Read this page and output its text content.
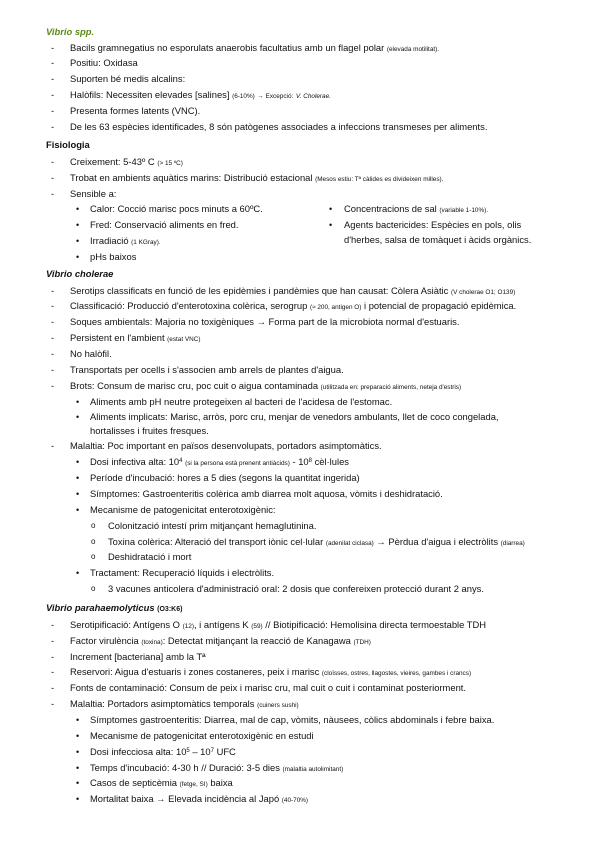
Vibrio spp.
- Bacils gramnegatius no esporulats anaerobis facultatius amb un flagel polar (elevada motilitat).
- Positiu: Oxidasa
- Suporten bé medis alcalins:
- Halòfils: Necessiten elevades [salines] (6-10%) → Excepció: V. Cholerae.
- Presenta formes latents (VNC).
- De les 63 espècies identificades, 8 són patògenes associades a infeccions transmeses per aliments.
Fisiologia
- Creixement: 5-43º C (> 15 ºC)
- Trobat en ambients aquàtics marins: Distribució estacional (Mesos estiu: Tª càlides es divideixen milles).
- Sensible a:
• Calor: Cocció marisc pocs minuts a 60ºC.
• Fred: Conservació aliments en fred.
• Irradiació (1 KGray).
• pHs baixos
• Concentracions de sal (variable 1-10%).
• Agents bactericides: Espècies en pols, olis
d'herbes, salsa de tomàquet i àcids orgànics.
Vibrio cholerae
- Serotips classificats en funció de les epidèmies i pandèmies que han causat: Còlera Asiàtic (V cholerae O1; O139)
- Classificació: Producció d'enterotoxina colèrica, serogrup (≈ 200, antigen O) i potencial de propagació epidèmica.
- Soques ambientals: Majoria no toxigèniques → Forma part de la microbiota normal d'estuaris.
- Persistent en l'ambient (estat VNC)
- No halòfil.
- Transportats per ocells i s'associen amb arrels de plantes d'aigua.
- Brots: Consum de marisc cru, poc cuit o aigua contaminada (utilitzada en: preparació aliments, neteja d'estris)
• Aliments amb pH neutre protegeixen al bacteri de l'acidesa de l'estomac.
• Aliments implicats: Marisc, arròs, porc cru, menjar de venedors ambulants, llet de coco congelada,
hortalisses i fruites fresques.
- Malaltia: Poc important en països desenvolupats, portadors asimptomàtics.
• Dosi infectiva alta: $10^4$ (si la persona està prenent antiàcids) - $10^8$ cèl·lules
• Període d'incubació: hores a 5 dies (segons la quantitat ingerida)
• Símptomes: Gastroenteritis colèrica amb diarrea molt aquosa, vòmits i deshidratació.
• Mecanisme de patogenicitat enterotoxigènic:
o Colonització intestí prim mitjançant hemaglutinina.
o Toxina colèrica: Alteració del transport iònic cel·lular (adenilat ciclasa) → Pèrdua d'aigua i electròlits (diarrea)
o Deshidratació i mort
• Tractament: Recuperació líquids i electròlits.
o 3 vacunes anticolera d'administració oral: 2 dosis que confereixen protecció durant 2 anys.
Vibrio parahaemolyticus (O3:K6)
- Serotipificació: Antígens O (12), i antígens K (59) // Biotipificació: Hemolisina directa termoestable TDH
- Factor virulència (toxina): Detectat mitjançant la reacció de Kanagawa (TDH)
- Increment [bacteriana] amb la Tª
- Reservori: Aigua d'estuaris i zones costaneres, peix i marisc (cloïsses, ostres, llagostes, vieires, gambes i crancs)
- Fonts de contaminació: Consum de peix i marisc cru, mal cuit o cuit i contaminat posteriorment.
- Malaltia: Portadors asimptomàtics temporals (cuiners sushi)
• Símptomes gastroenteritis: Diarrea, mal de cap, vòmits, nàusees, còlics abdominals i febre baixa.
• Mecanisme de patogenicitat enterotoxigènic en estudi
• Dosi infecciosa alta: $10^5 - 10^7$ UFC
• Temps d'incubació: 4-30 h // Duració: 3-5 dies (malaltia autolimitant)
• Casos de septicèmia (fetge, SI) baixa
• Mortalitat baixa → Elevada incidència al Japó (40-70%)
